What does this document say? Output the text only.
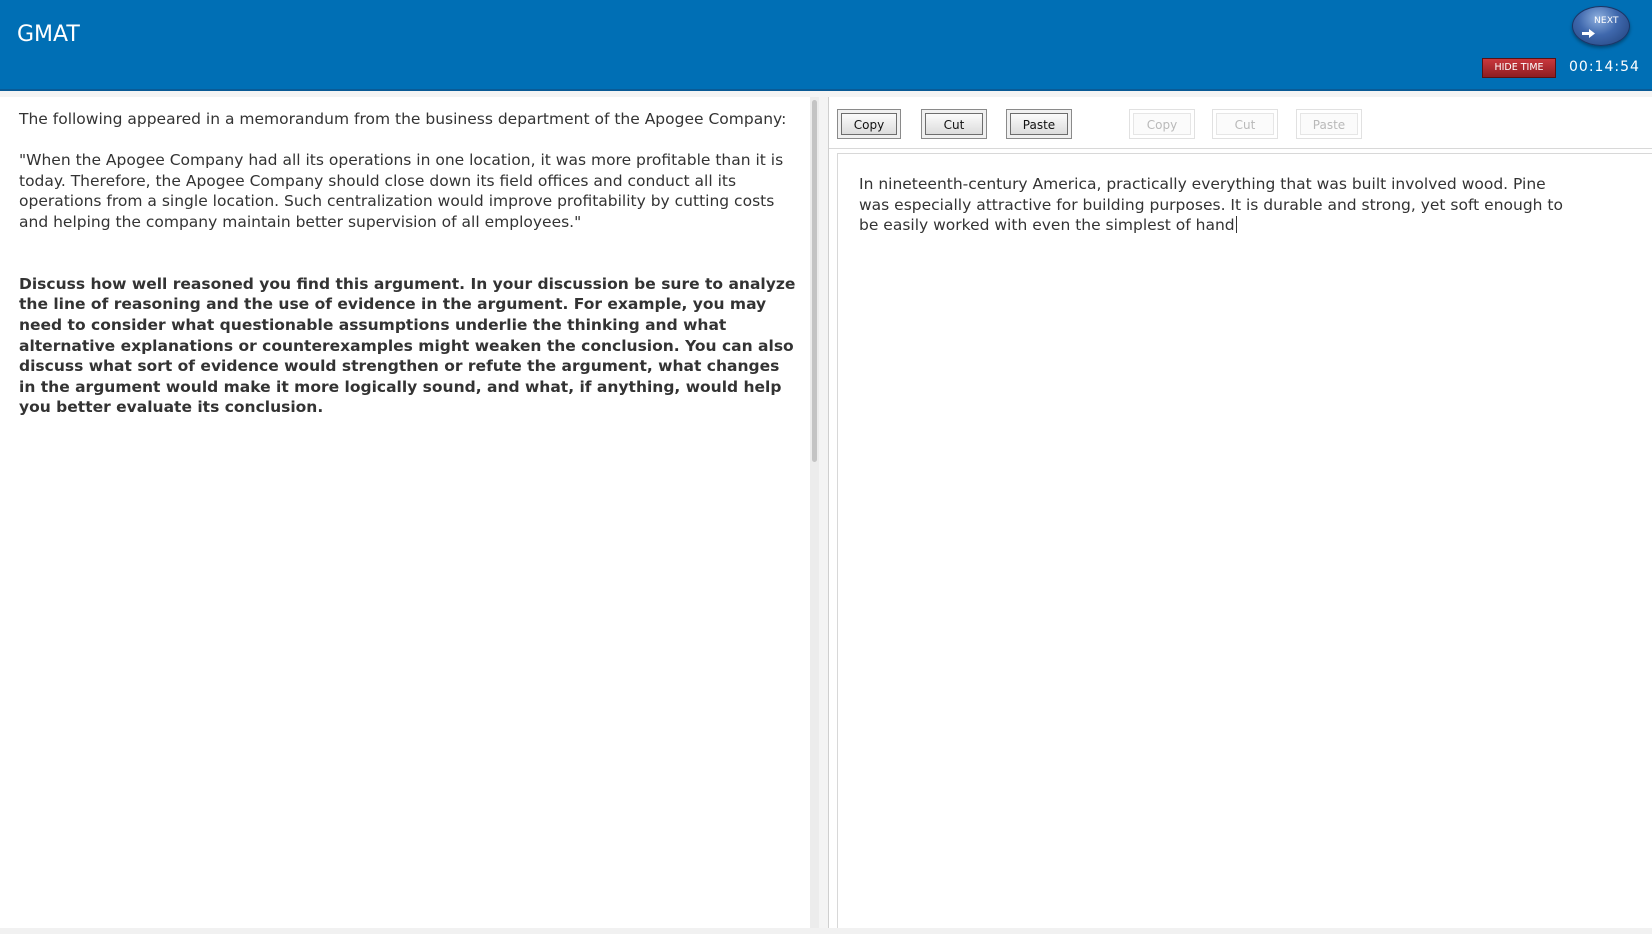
GMAT
NEXT
HIDE TIME	00:14:54

The following appeared in a memorandum from the business department of the Apogee Company:

"When the Apogee Company had all its operations in one location, it was more profitable than it is today. Therefore, the Apogee Company should close down its field offices and conduct all its operations from a single location. Such centralization would improve profitability by cutting costs and helping the company maintain better supervision of all employees."

Discuss how well reasoned you find this argument. In your discussion be sure to analyze the line of reasoning and the use of evidence in the argument. For example, you may need to consider what questionable assumptions underlie the thinking and what alternative explanations or counterexamples might weaken the conclusion. You can also discuss what sort of evidence would strengthen or refute the argument, what changes in the argument would make it more logically sound, and what, if anything, would help you better evaluate its conclusion.

Copy	Cut	Paste	Copy	Cut	Paste
In nineteenth-century America, practically everything that was built involved wood. Pine was especially attractive for building purposes. It is durable and strong, yet soft enough to be easily worked with even the simplest of hand
